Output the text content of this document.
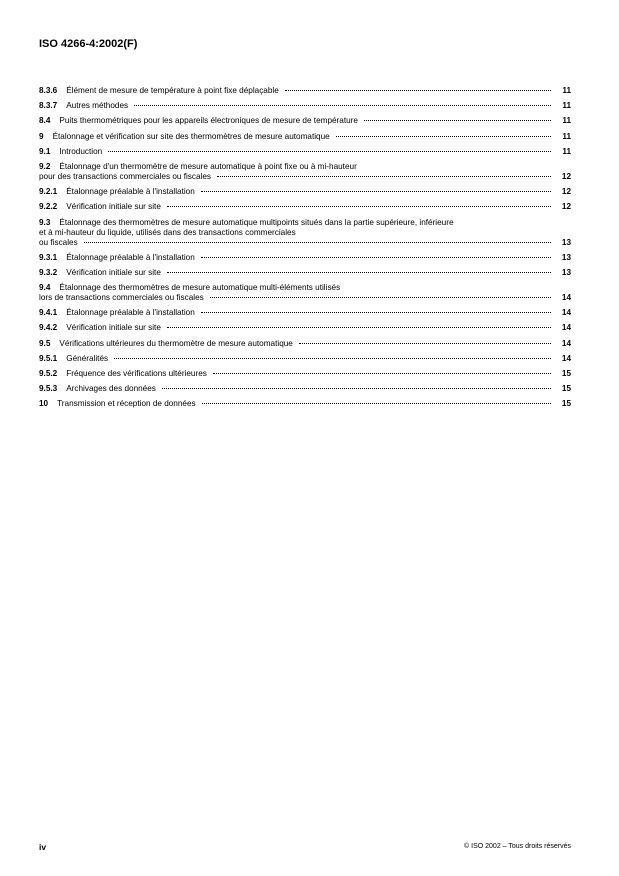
ISO 4266-4:2002(F)
8.3.6 Élément de mesure de température à point fixe déplaçable	11
8.3.7 Autres méthodes	11
8.4 Puits thermométriques pour les appareils électroniques de mesure de température	11
9 Étalonnage et vérification sur site des thermomètres de mesure automatique	11
9.1 Introduction	11
9.2 Étalonnage d'un thermomètre de mesure automatique à point fixe ou à mi-hauteur
pour des transactions commerciales ou fiscales	12
9.2.1 Étalonnage préalable à l'installation	12
9.2.2 Vérification initiale sur site	12
9.3 Étalonnage des thermomètres de mesure automatique multipoints situés dans la partie supérieure, inférieure
et à mi-hauteur du liquide, utilisés dans des transactions commerciales
ou fiscales	13
9.3.1 Étalonnage préalable à l'installation	13
9.3.2 Vérification initiale sur site	13
9.4 Étalonnage des thermomètres de mesure automatique multi-éléments utilisés
lors de transactions commerciales ou fiscales	14
9.4.1 Étalonnage préalable à l'installation	14
9.4.2 Vérification initiale sur site	14
9.5 Vérifications ultérieures du thermomètre de mesure automatique	14
9.5.1 Généralités	14
9.5.2 Fréquence des vérifications ultérieures	15
9.5.3 Archivages des données	15
10 Transmission et réception de données	15
iv	© ISO 2002 – Tous droits réservés
